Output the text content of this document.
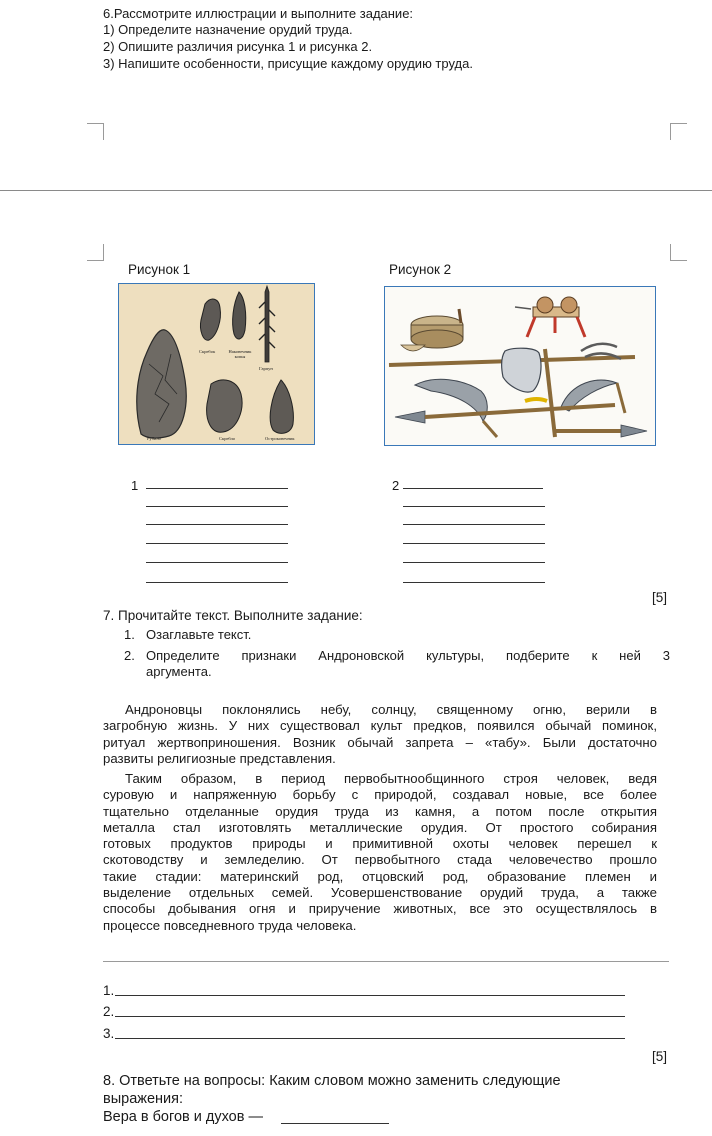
6.Рассмотрите иллюстрации и выполните задание:
1) Определите назначение орудий труда.
2) Опишите различия рисунка 1 и рисунка 2.
3) Напишите особенности, присущие каждому орудию труда.
Рисунок 1	Рисунок 2
Скребок	Наконечник копья
Гарпун
Рубило	Скребло	Остроконечник
1	2
[5]
7. Прочитайте текст. Выполните задание:
1. Озаглавьте текст.
2. Определите признаки Андроновской культуры, подберите к ней 3
аргумента.
Андроновцы поклонялись небу, солнцу, священному огню, верили в
загробную жизнь. У них существовал культ предков, появился обычай поминок,
ритуал жертвоприношения. Возник обычай запрета – «табу». Были достаточно
развиты религиозные представления.
Таким образом, в период первобытнообщинного строя человек, ведя
суровую и напряженную борьбу с природой, создавал новые, все более
тщательно отделанные орудия труда из камня, а потом после открытия
металла стал изготовлять металлические орудия. От простого собирания
готовых продуктов природы и примитивной охоты человек перешел к
скотоводству и земледелию. От первобытного стада человечество прошло
такие стадии: материнский род, отцовский род, образование племен и
выделение отдельных семей. Усовершенствование орудий труда, а также
способы добывания огня и приручение животных, все это осуществлялось в
процессе повседневного труда человека.
1.
2.
3.
[5]
8. Ответьте на вопросы: Каким словом можно заменить следующие
выражения:
Вера в богов и духов —
